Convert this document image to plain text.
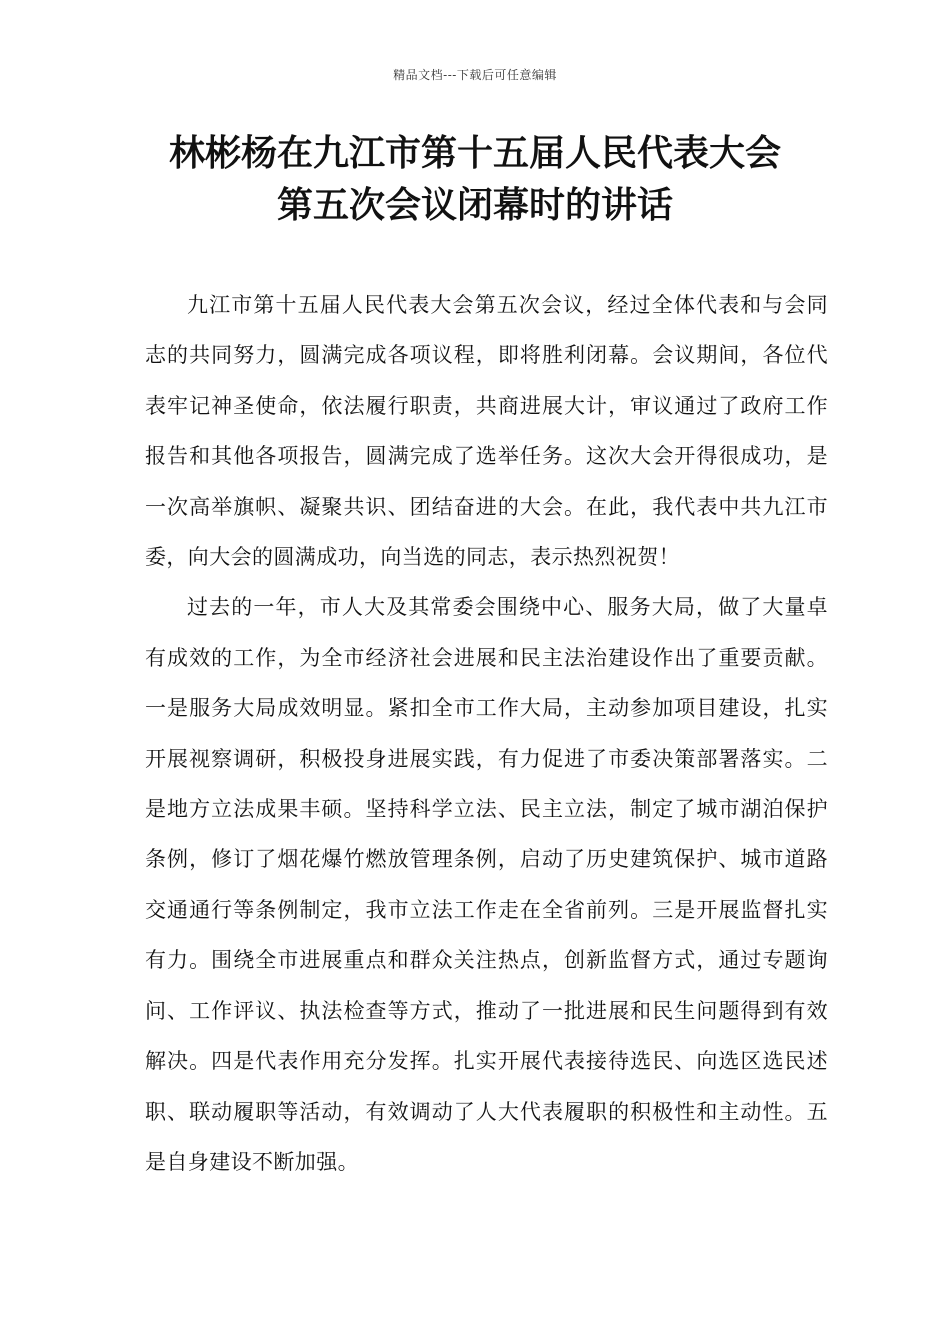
精品文档---下载后可任意编辑
林彬杨在九江市第十五届人民代表大会
第五次会议闭幕时的讲话

九江市第十五届人民代表大会第五次会议，经过全体代表和与会同志的共同努力，圆满完成各项议程，即将胜利闭幕。会议期间，各位代表牢记神圣使命，依法履行职责，共商进展大计，审议通过了政府工作报告和其他各项报告，圆满完成了选举任务。这次大会开得很成功，是一次高举旗帜、凝聚共识、团结奋进的大会。在此，我代表中共九江市委，向大会的圆满成功，向当选的同志，表示热烈祝贺！

过去的一年，市人大及其常委会围绕中心、服务大局，做了大量卓有成效的工作，为全市经济社会进展和民主法治建设作出了重要贡献。一是服务大局成效明显。紧扣全市工作大局，主动参加项目建设，扎实开展视察调研，积极投身进展实践，有力促进了市委决策部署落实。二是地方立法成果丰硕。坚持科学立法、民主立法，制定了城市湖泊保护条例，修订了烟花爆竹燃放管理条例，启动了历史建筑保护、城市道路交通通行等条例制定，我市立法工作走在全省前列。三是开展监督扎实有力。围绕全市进展重点和群众关注热点，创新监督方式，通过专题询问、工作评议、执法检查等方式，推动了一批进展和民生问题得到有效解决。四是代表作用充分发挥。扎实开展代表接待选民、向选区选民述职、联动履职等活动，有效调动了人大代表履职的积极性和主动性。五是自身建设不断加强。
